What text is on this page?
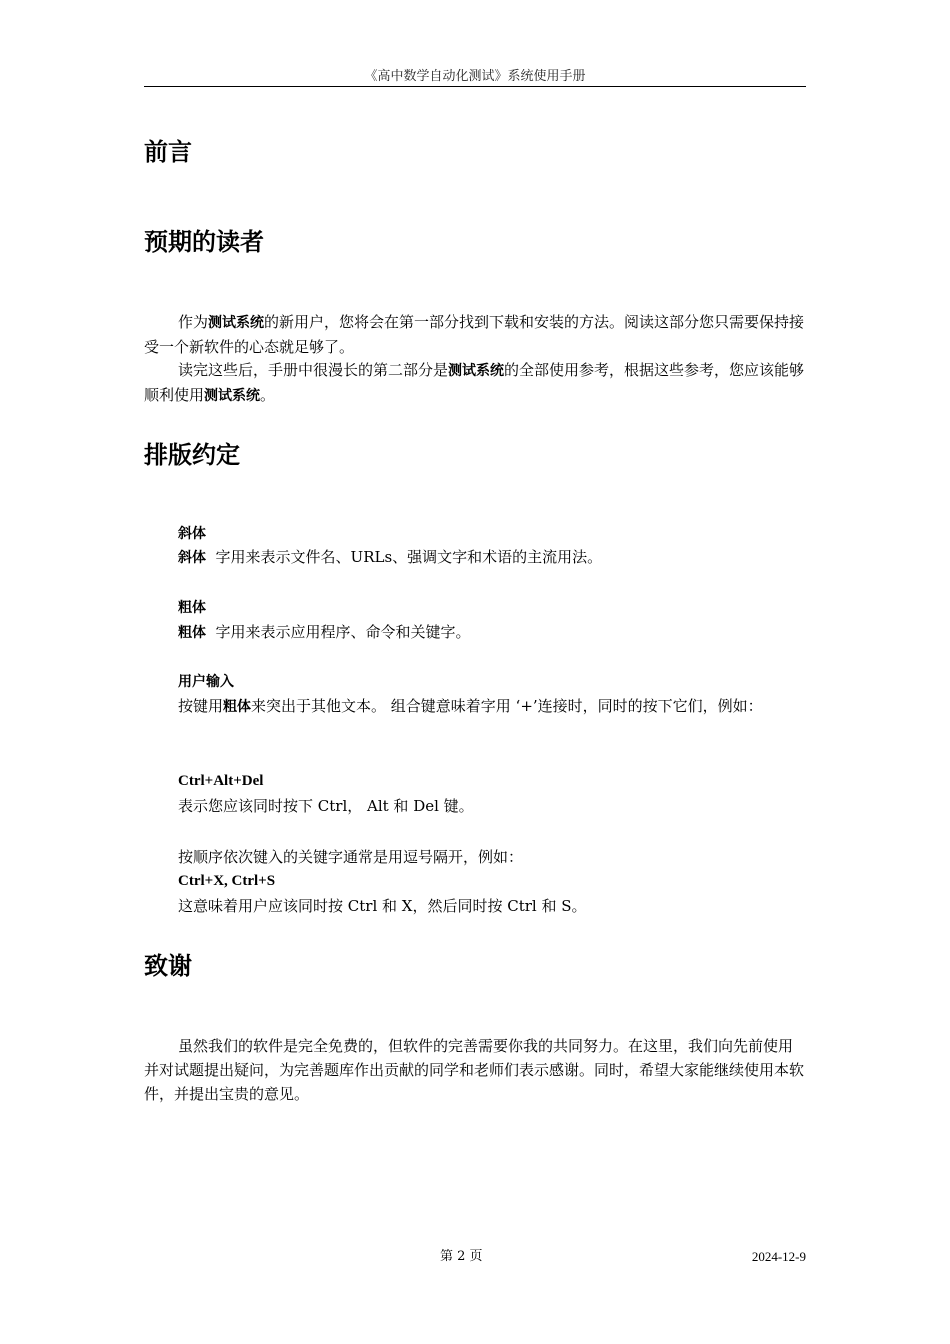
《高中数学自动化测试》系统使用手册
前言
预期的读者

作为测试系统的新用户，您将会在第一部分找到下载和安装的方法。阅读这部分您只需要保持接受一个新软件的心态就足够了。

读完这些后，手册中很漫长的第二部分是测试系统的全部使用参考，根据这些参考，您应该能够顺利使用测试系统。

排版约定
斜体
斜体 字用来表示文件名、URLs、强调文字和术语的主流用法。
粗体
粗体 字用来表示应用程序、命令和关键字。
用户输入

按键用粗体来突出于其他文本。 组合键意味着字用 ‘+’连接时，同时的按下它们，例如：

Ctrl+Alt+Del
表示您应该同时按下 Ctrl， Alt 和 Del 键。
按顺序依次键入的关键字通常是用逗号隔开，例如：
Ctrl+X, Ctrl+S
这意味着用户应该同时按 Ctrl 和 X，然后同时按 Ctrl 和 S。
致谢

虽然我们的软件是完全免费的，但软件的完善需要你我的共同努力。在这里，我们向先前使用并对试题提出疑问，为完善题库作出贡献的同学和老师们表示感谢。同时，希望大家能继续使用本软件，并提出宝贵的意见。

第 2 页	2024-12-9
